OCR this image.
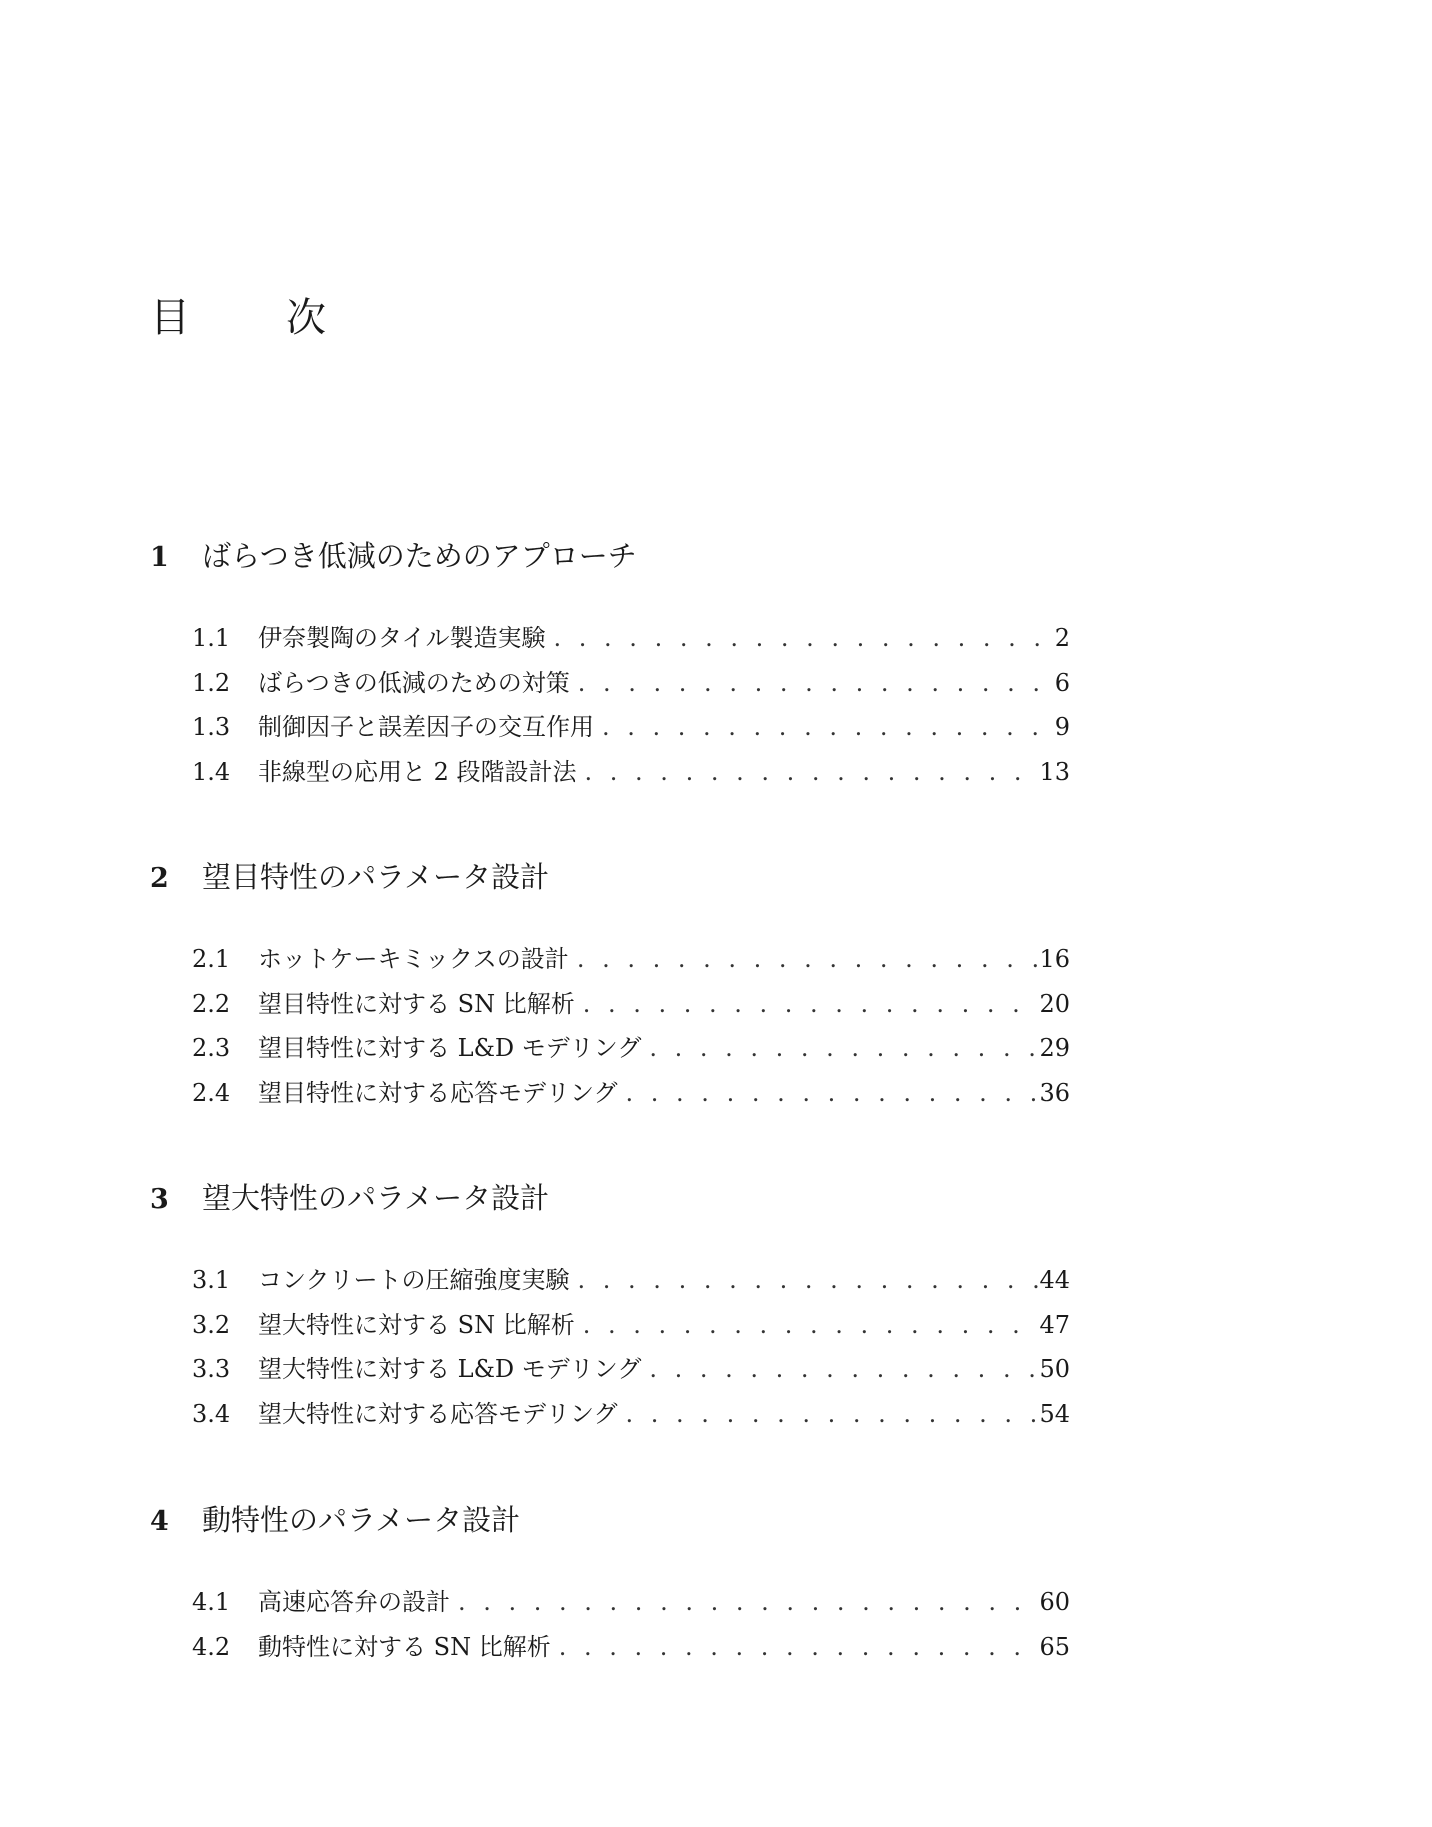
目　次
1	ばらつき低減のためのアプローチ
1.1	伊奈製陶のタイル製造実験 . . .	2
1.2	ばらつきの低減のための対策 . . .	6
1.3	制御因子と誤差因子の交互作用 . . .	9
1.4	非線型の応用と 2 段階設計法 . . .	13
2	望目特性のパラメータ設計
2.1	ホットケーキミックスの設計 . . .	16
2.2	望目特性に対する SN 比解析 . . .	20
2.3	望目特性に対する L&D モデリング . . .	29
2.4	望目特性に対する応答モデリング . . .	36
3	望大特性のパラメータ設計
3.1	コンクリートの圧縮強度実験 . . .	44
3.2	望大特性に対する SN 比解析 . . .	47
3.3	望大特性に対する L&D モデリング . . .	50
3.4	望大特性に対する応答モデリング . . .	54
4	動特性のパラメータ設計
4.1	高速応答弁の設計 . . .	60
4.2	動特性に対する SN 比解析 . . .	65
